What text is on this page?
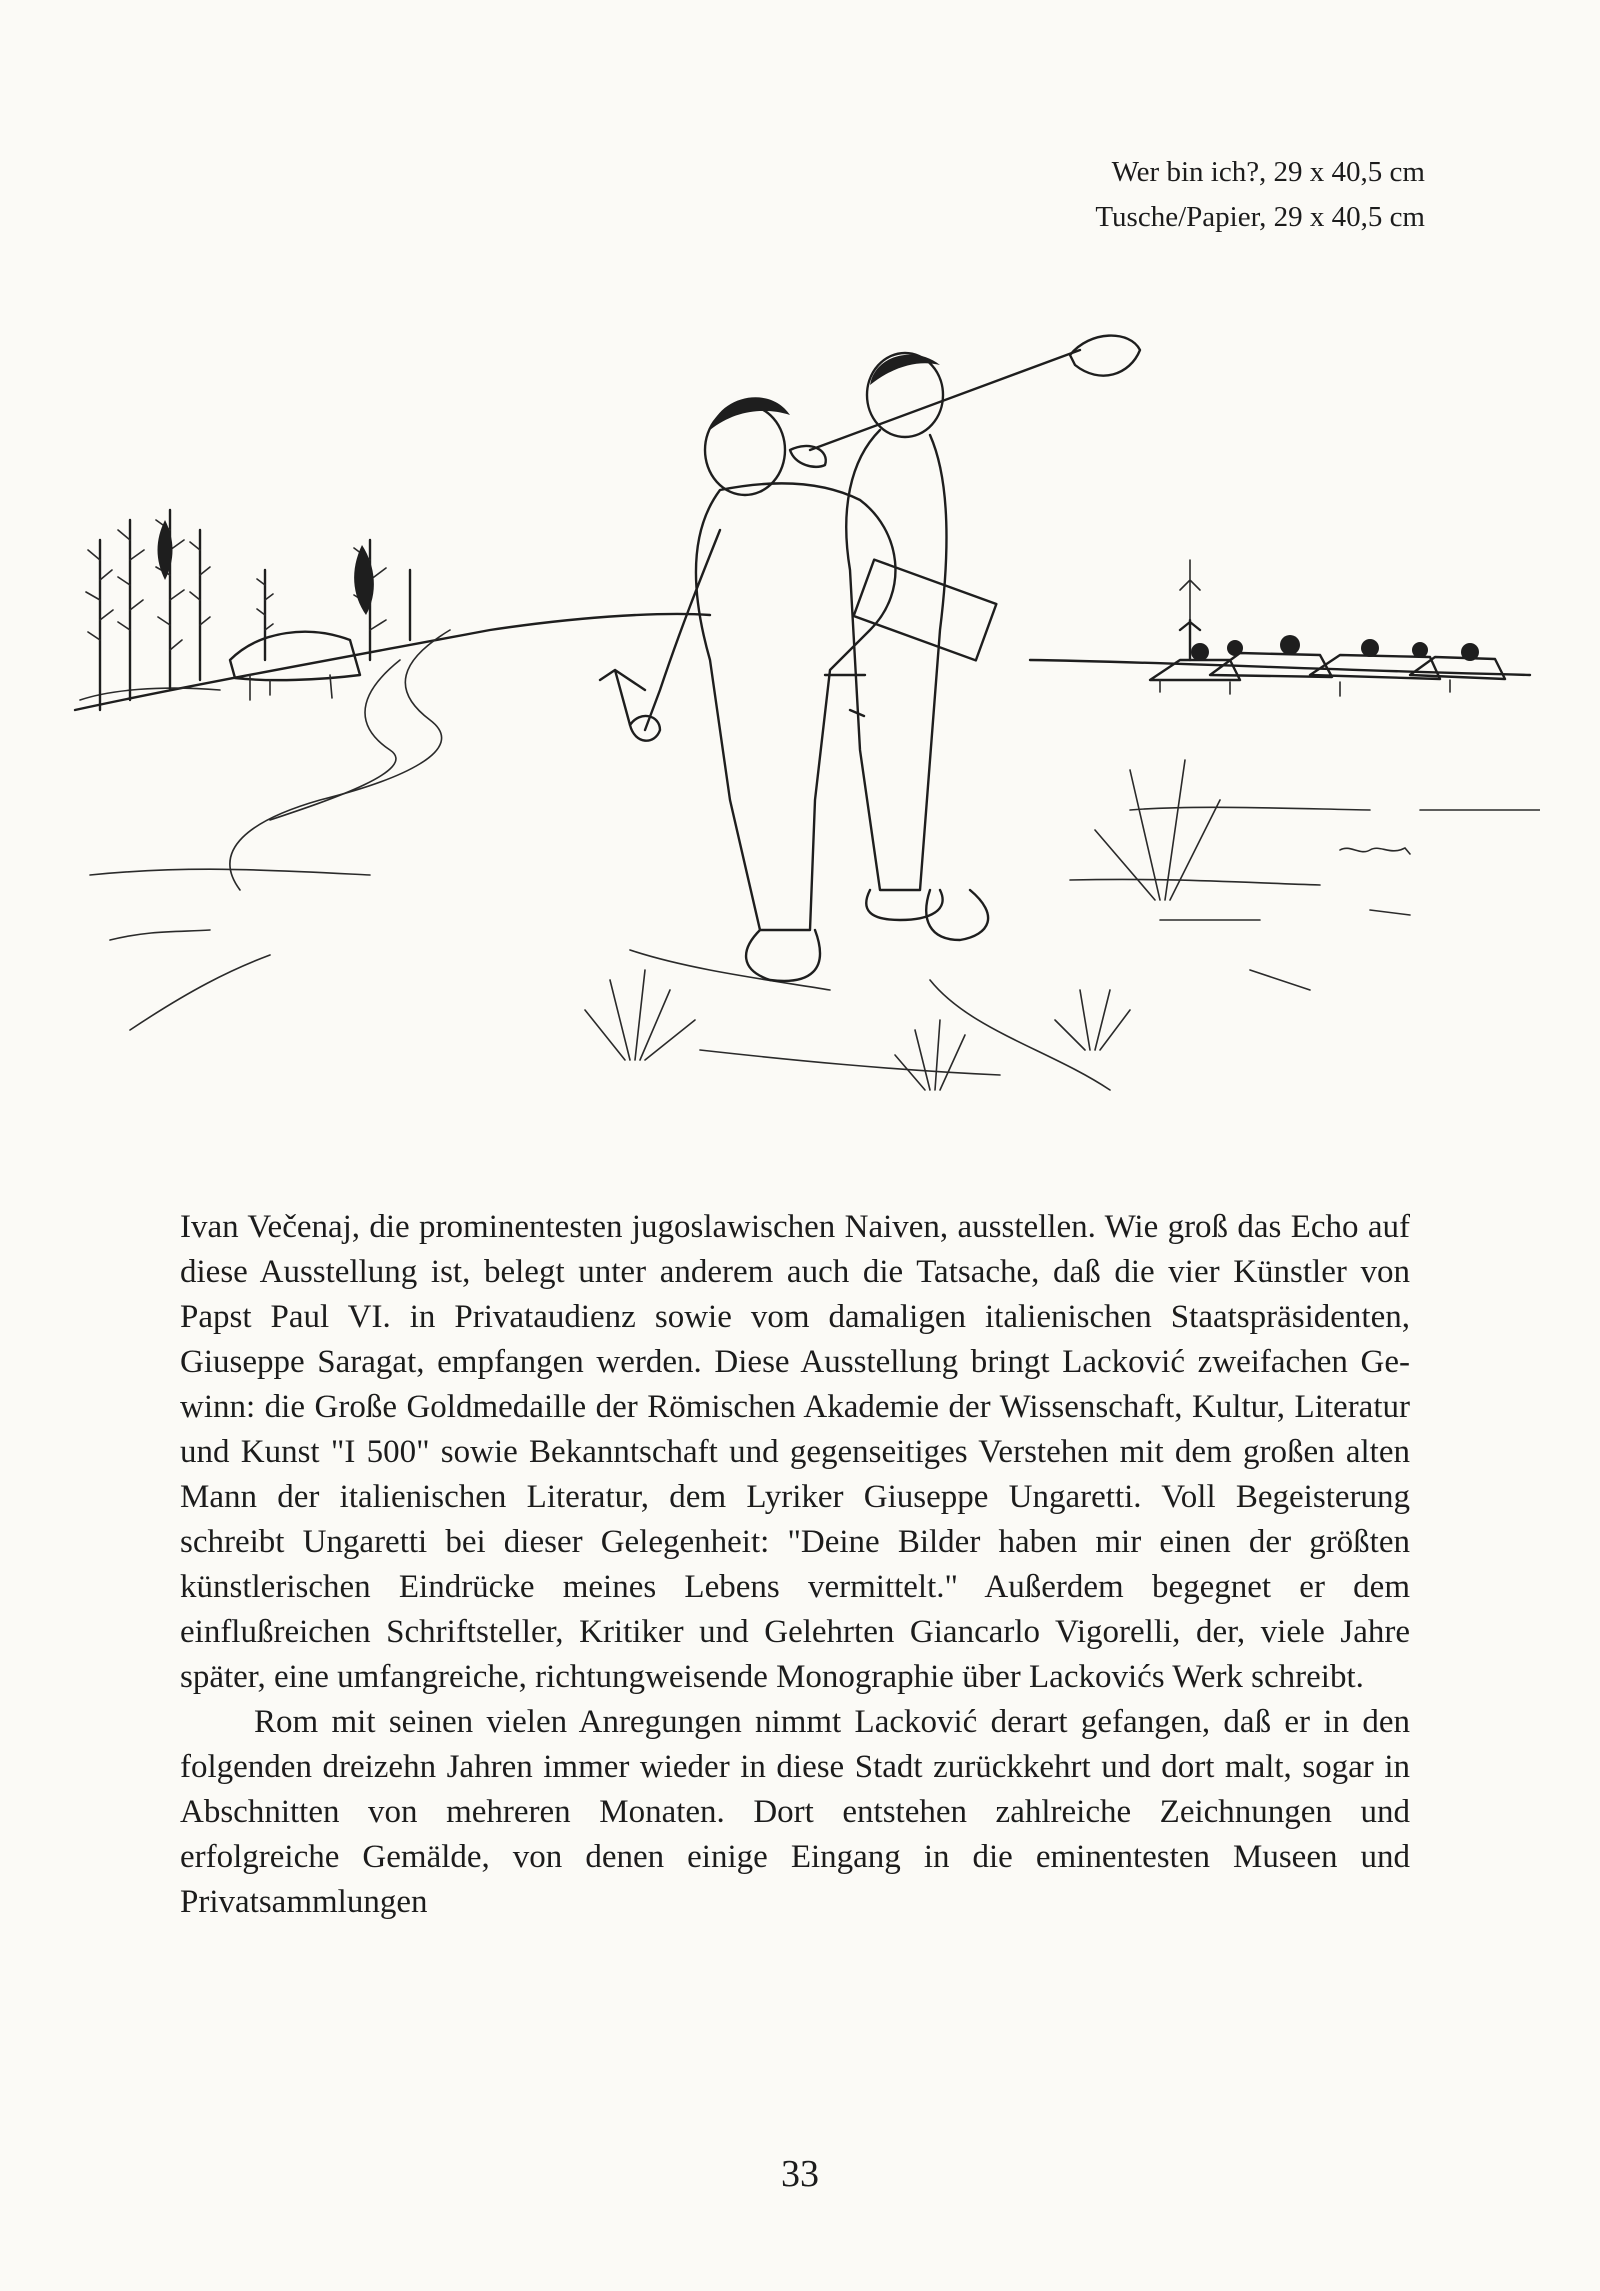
Wer bin ich?, 29 x 40,5 cm
Tusche/Papier, 29 x 40,5 cm

Ivan Večenaj, die prominentesten jugoslawischen Naiven, ausstellen. Wie groß das Echo auf diese Ausstellung ist, belegt unter anderem auch die Tatsache, daß die vier Künstler von Papst Paul VI. in Privataudienz sowie vom damaligen italienischen Staatspräsidenten, Giuseppe Saragat, empfangen werden. Diese Ausstellung bringt Lacković zweifachen Gewinn: die Große Goldmedaille der Römischen Akademie der Wissenschaft, Kultur, Literatur und Kunst "I 500" sowie Bekanntschaft und gegenseitiges Verstehen mit dem großen alten Mann der italienischen Literatur, dem Lyriker Giuseppe Ungaretti. Voll Begeisterung schreibt Ungaretti bei dieser Gelegenheit: "Deine Bilder haben mir einen der größten künstlerischen Eindrücke meines Lebens vermittelt." Außerdem begegnet er dem einflußreichen Schriftsteller, Kritiker und Gelehrten Giancarlo Vigorelli, der, viele Jahre später, eine umfangreiche, richtungweisende Monographie über Lackovićs Werk schreibt.

Rom mit seinen vielen Anregungen nimmt Lacković derart gefangen, daß er in den folgenden dreizehn Jahren immer wieder in diese Stadt zurückkehrt und dort malt, sogar in Abschnitten von mehreren Monaten. Dort entstehen zahlreiche Zeichnungen und erfolgreiche Gemälde, von denen einige Eingang in die eminentesten Museen und Privatsammlungen

33
